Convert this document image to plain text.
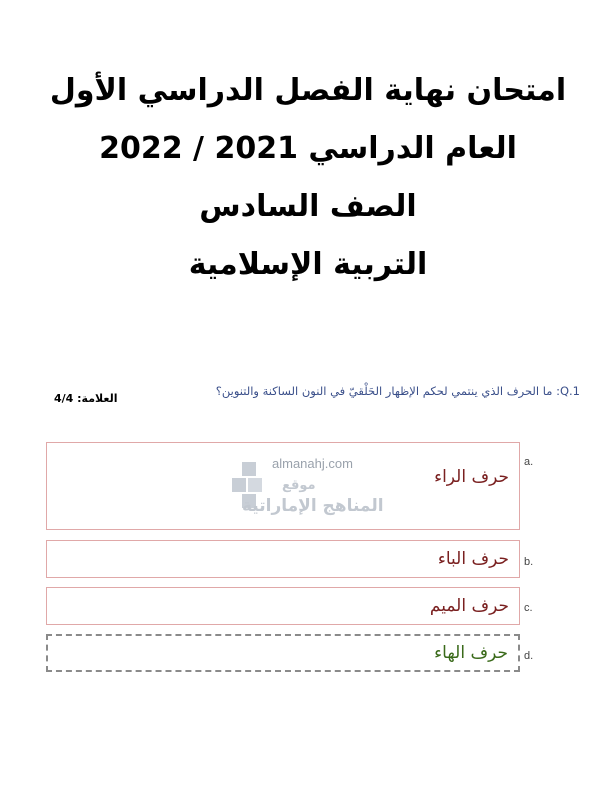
امتحان نهاية الفصل الدراسي الأول
العام الدراسي 2021 / 2022
الصف السادس
التربية الإسلامية
Q.1: ما الحرف الذي ينتمي لحكم الإظهار الحَلْقيّ في النون الساكنة والتنوين؟
العلامة: 4/4
حرف الراء
a.
حرف الباء b.
حرف الميم c.
حرف الهاء d.
almanahj.com
موقع
المناهج الإماراتية
